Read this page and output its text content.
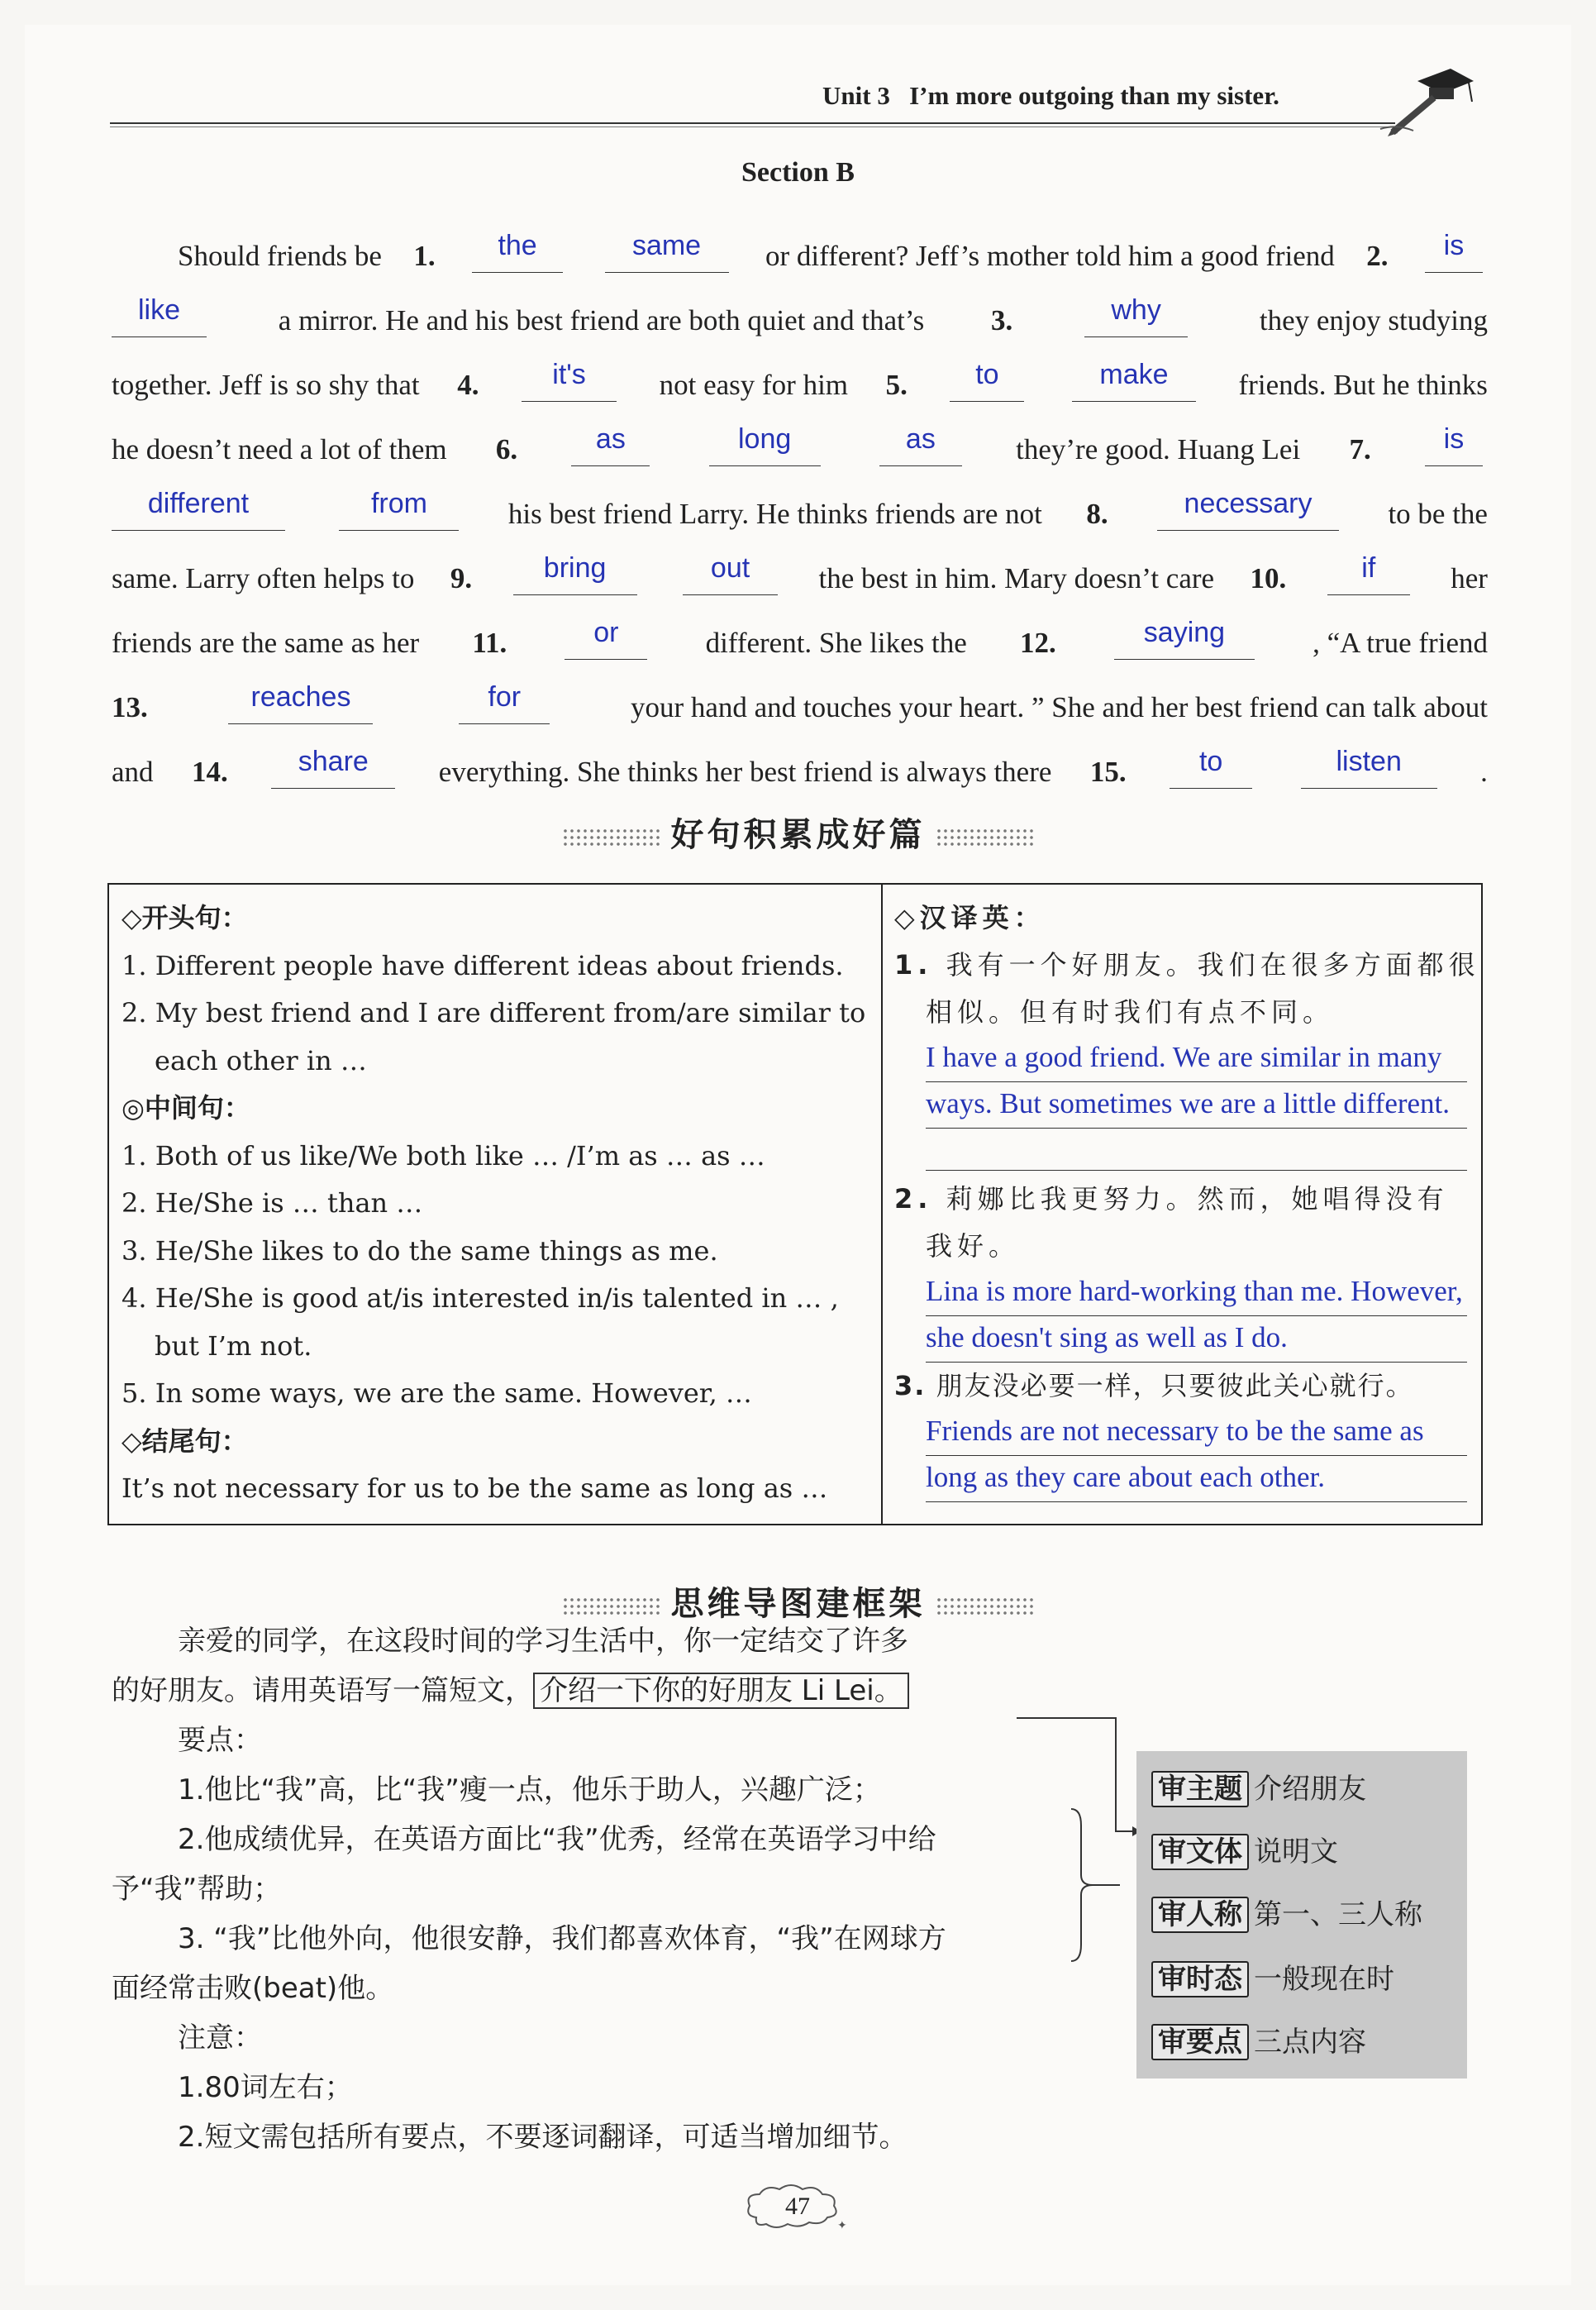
Unit 3 I’m more outgoing than my sister.
Section B
Should friends be 1.	the	same	or different? Jeff’s mother told him a good friend 2.	is
like	a mirror. He and his best friend are both quiet and that’s 3.	why	they enjoy studying
together. Jeff is so shy that 4.	it's	not easy for him 5.	to	make	friends. But he thinks
he doesn’t need a lot of them 6.	as	long	as	they’re good. Huang Lei 7.	is
different	from	his best friend Larry. He thinks friends are not 8.	necessary	to be the
same. Larry often helps to 9.	bring	out	the best in him. Mary doesn’t care 10.	if	her
friends are the same as her 11.	or	different. She likes the 12.	saying	, “A true friend
13.	reaches	for	your hand and touches your heart. ” She and her best friend can talk about
and 14.	share	everything. She thinks her best friend is always there 15.	to	listen	.
好句积累成好篇
◇开头句：
1. Different people have different ideas about friends.
2. My best friend and I are different from/are similar to
each other in …
◎中间句：
1. Both of us like/We both like … /I’m as … as …
2. He/She is … than …
3. He/She likes to do the same things as me.
4. He/She is good at/is interested in/is talented in … ,
but I’m not.
5. In some ways, we are the same. However, …
◇结尾句：
It’s not necessary for us to be the same as long as …
◇汉译英：
1. 我有一个好朋友。我们在很多方面都很
相似。但有时我们有点不同。
I have a good friend. We are similar in many
ways. But sometimes we are a little different.
2. 莉娜比我更努力。然而，她唱得没有
我好。
Lina is more hard-working than me. However,
she doesn't sing as well as I do.
3. 朋友没必要一样，只要彼此关心就行。
Friends are not necessary to be the same as
long as they care about each other.
思维导图建框架
亲爱的同学，在这段时间的学习生活中，你一定结交了许多
的好朋友。请用英语写一篇短文， 介绍一下你的好朋友 Li Lei。
要点：
1.他比“我”高，比“我”瘦一点，他乐于助人，兴趣广泛；
2.他成绩优异，在英语方面比“我”优秀，经常在英语学习中给
予“我”帮助；
3. “我”比他外向，他很安静，我们都喜欢体育，“我”在网球方
面经常击败(beat)他。
注意：
1.80词左右；
2.短文需包括所有要点，不要逐词翻译，可适当增加细节。
审主题 介绍朋友
审文体 说明文
审人称 第一、三人称
审时态 一般现在时
审要点 三点内容
✦
47
